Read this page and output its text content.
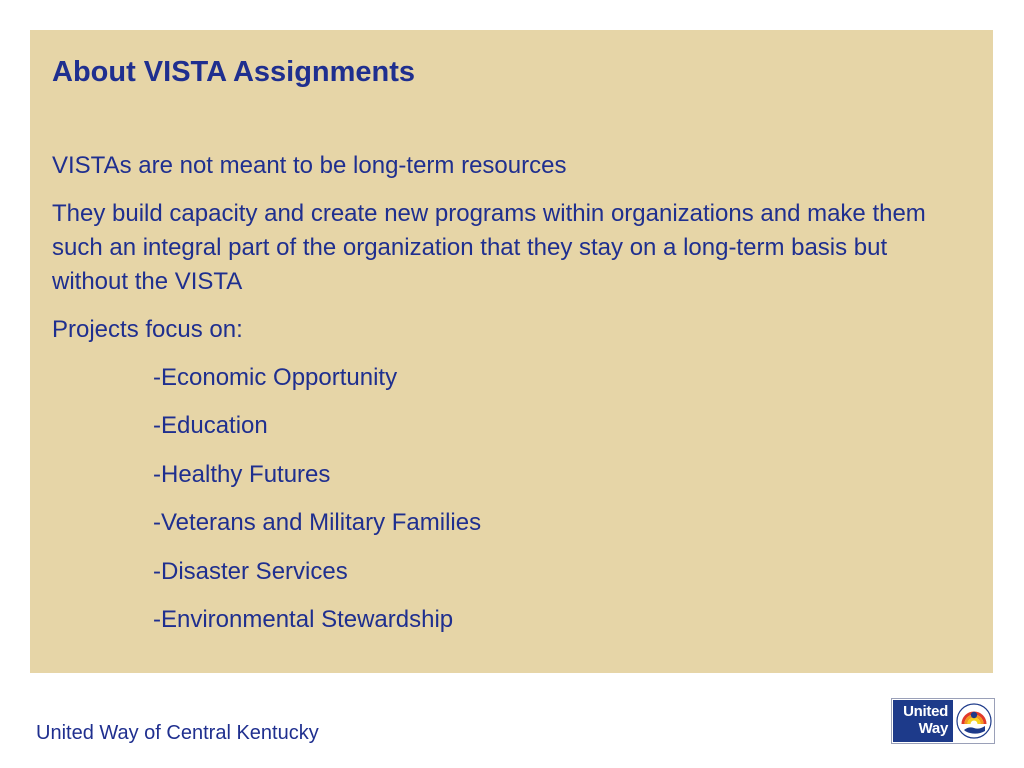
About VISTA Assignments

VISTAs are not meant to be long-term resources

They build capacity and create new programs within organizations and make them such an integral part of the organization that they stay on a long-term basis but without the VISTA

Projects focus on:

-Economic Opportunity
-Education
-Healthy Futures
-Veterans and Military Families
-Disaster Services
-Environmental Stewardship
United Way of Central Kentucky
United
Way
